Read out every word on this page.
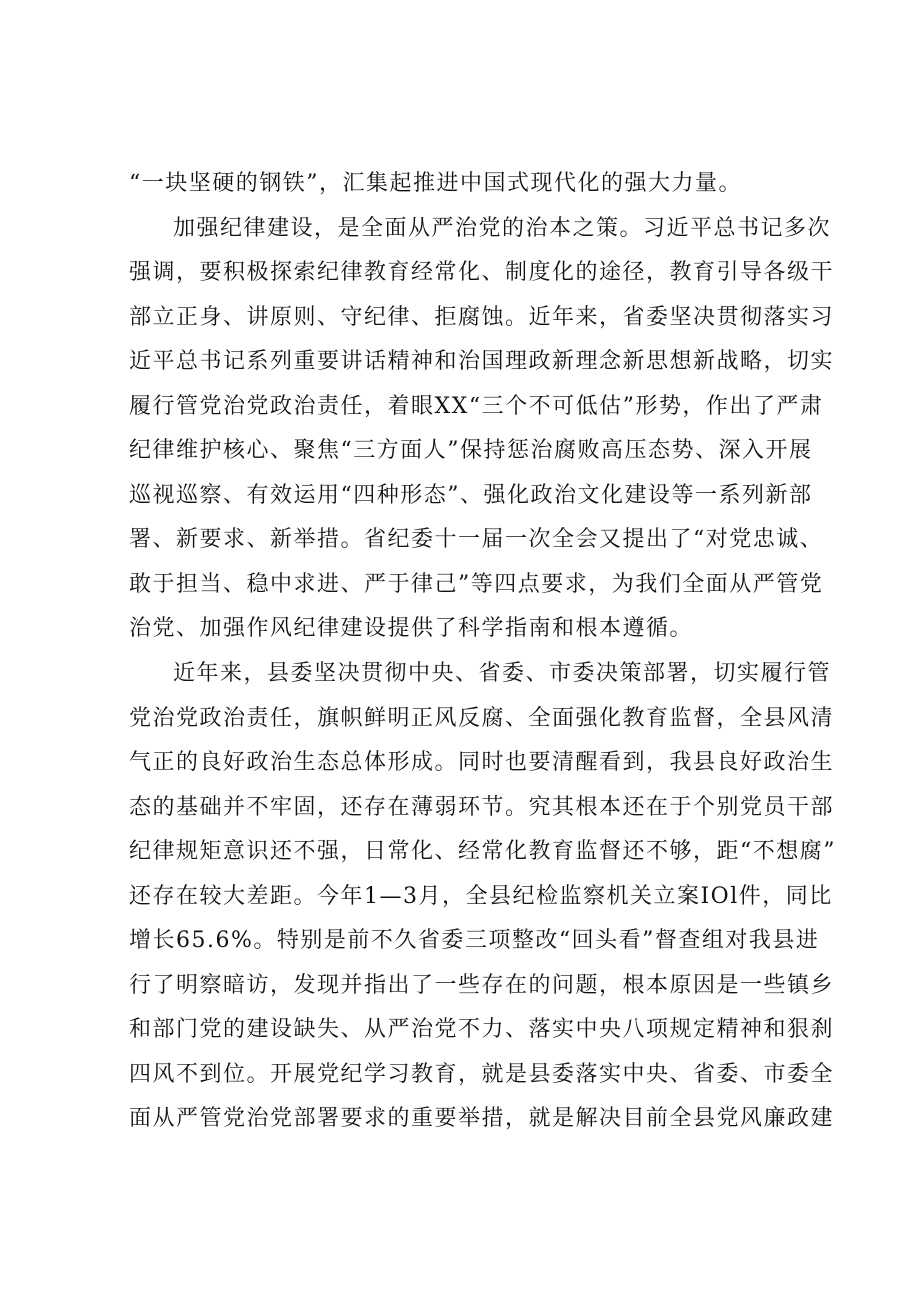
“一块坚硬的钢铁”，汇集起推进中国式现代化的强大力量。
加强纪律建设，是全面从严治党的治本之策。习近平总书记多次
强调，要积极探索纪律教育经常化、制度化的途径，教育引导各级干
部立正身、讲原则、守纪律、拒腐蚀。近年来，省委坚决贯彻落实习
近平总书记系列重要讲话精神和治国理政新理念新思想新战略，切实
履行管党治党政治责任，着眼XX“三个不可低估”形势，作出了严肃
纪律维护核心、聚焦“三方面人”保持惩治腐败高压态势、深入开展
巡视巡察、有效运用“四种形态”、强化政治文化建设等一系列新部
署、新要求、新举措。省纪委十一届一次全会又提出了“对党忠诚、
敢于担当、稳中求进、严于律己”等四点要求，为我们全面从严管党
治党、加强作风纪律建设提供了科学指南和根本遵循。
近年来，县委坚决贯彻中央、省委、市委决策部署，切实履行管
党治党政治责任，旗帜鲜明正风反腐、全面强化教育监督，全县风清
气正的良好政治生态总体形成。同时也要清醒看到，我县良好政治生
态的基础并不牢固，还存在薄弱环节。究其根本还在于个别党员干部
纪律规矩意识还不强，日常化、经常化教育监督还不够，距“不想腐”
还存在较大差距。今年1—3月，全县纪检监察机关立案IOl件，同比
增长65.6%。特别是前不久省委三项整改“回头看”督查组对我县进
行了明察暗访，发现并指出了一些存在的问题，根本原因是一些镇乡
和部门党的建设缺失、从严治党不力、落实中央八项规定精神和狠刹
四风不到位。开展党纪学习教育，就是县委落实中央、省委、市委全
面从严管党治党部署要求的重要举措，就是解决目前全县党风廉政建
